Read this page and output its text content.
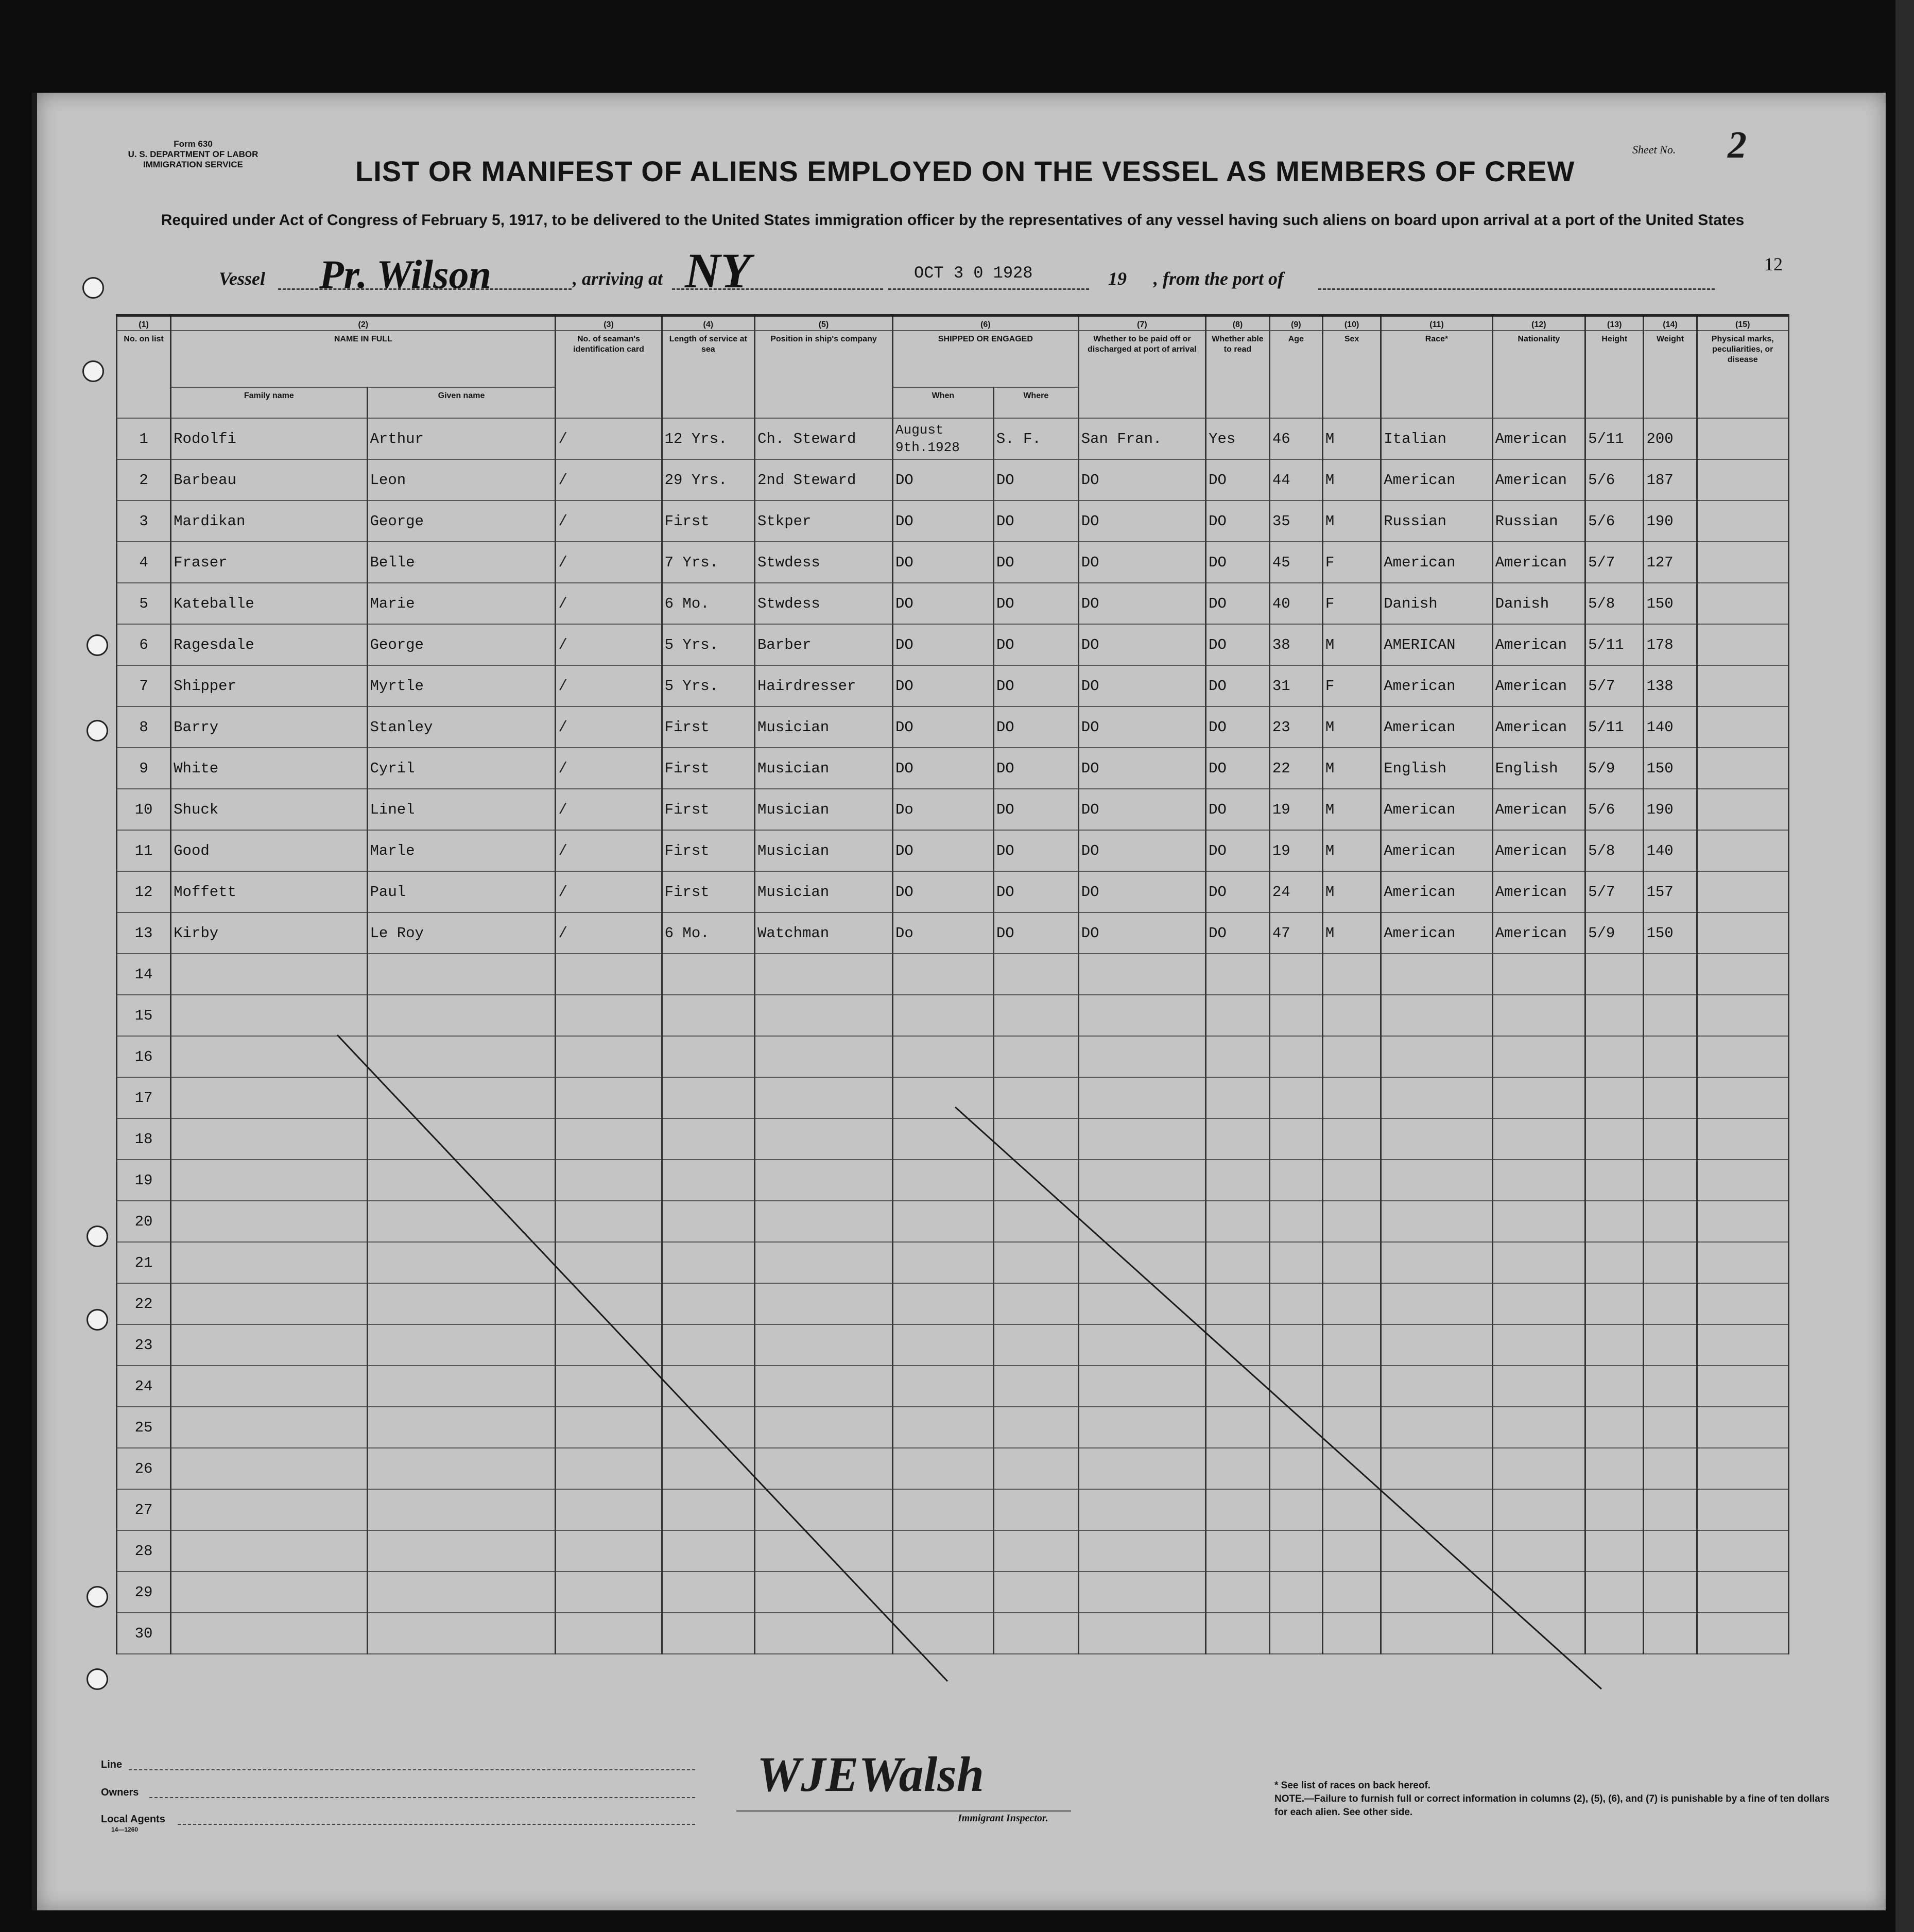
Form 630
U. S. DEPARTMENT OF LABOR
IMMIGRATION SERVICE
Sheet No. 2
LIST OR MANIFEST OF ALIENS EMPLOYED ON THE VESSEL AS MEMBERS OF CREW
Required under Act of Congress of February 5, 1917, to be delivered to the United States immigration officer by the representatives of any vessel having such aliens on board upon arrival at a port of the United States
Vessel Pr. Wilson	, arriving at NY	OCT 3 0 1928	19 , from the port of
12
(1)	(2)		(3)	(4)	(5)	(6)		(7)	(8)	(9)	(10)	(11)	(12)	(13)	(14)	(15)
No. on list	NAME IN FULL		No. of seaman's identification card	Length of service at sea	Position in ship's company	SHIPPED OR ENGAGED		Whether to be paid off or discharged at port of arrival	Whether able to read	Age	Sex	Race*	Nationality	Height	Weight	Physical marks, peculiarities, or disease
	Family name	Given name				When	Where									
1	Rodolfi	Arthur	/	12 Yrs.	Ch. Steward	August 9th.1928	S. F.	San Fran.	Yes	46	M	Italian	American	5/11	200	
2	Barbeau	Leon	/	29 Yrs.	2nd Steward	DO	DO	DO	DO	44	M	American	American	5/6	187	
3	Mardikan	George	/	First	Stkper	DO	DO	DO	DO	35	M	Russian	Russian	5/6	190	
4	Fraser	Belle	/	7 Yrs.	Stwdess	DO	DO	DO	DO	45	F	American	American	5/7	127	
5	Kateballe	Marie	/	6 Mo.	Stwdess	DO	DO	DO	DO	40	F	Danish	Danish	5/8	150	
6	Ragesdale	George	/	5 Yrs.	Barber	DO	DO	DO	DO	38	M	AMERICAN	American	5/11	178	
7	Shipper	Myrtle	/	5 Yrs.	Hairdresser	DO	DO	DO	DO	31	F	American	American	5/7	138	
8	Barry	Stanley	/	First	Musician	DO	DO	DO	DO	23	M	American	American	5/11	140	
9	White	Cyril	/	First	Musician	DO	DO	DO	DO	22	M	English	English	5/9	150	
10	Shuck	Linel	/	First	Musician	Do	DO	DO	DO	19	M	American	American	5/6	190	
11	Good	Marle	/	First	Musician	DO	DO	DO	DO	19	M	American	American	5/8	140	
12	Moffett	Paul	/	First	Musician	DO	DO	DO	DO	24	M	American	American	5/7	157	
13	Kirby	Le Roy	/	6 Mo.	Watchman	Do	DO	DO	DO	47	M	American	American	5/9	150	
14																
15																
16																
17																
18																
19																
20																
21																
22																
23																
24																
25																
26																
27																
28																
29																
30																
Line
Owners
Local Agents
14—1260
WJEWalsh
Immigrant Inspector.
* See list of races on back hereof.
NOTE.—Failure to furnish full or correct information in columns (2), (5), (6), and (7) is punishable by a fine of ten dollars for each alien. See other side.
